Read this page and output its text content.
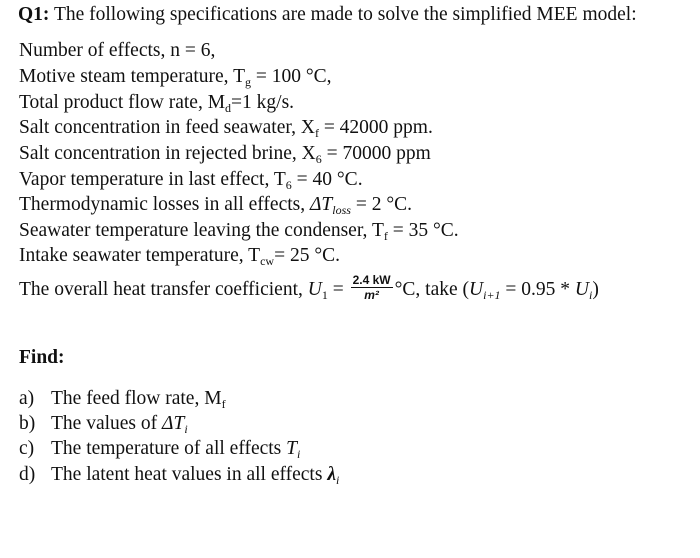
Q1: The following specifications are made to solve the simplified MEE model:
Number of effects, n = 6,
Motive steam temperature, $T_g = 100$ °C,
Total product flow rate, $M_d=1$ kg/s.
Salt concentration in feed seawater, $X_f = 42000$ ppm.
Salt concentration in rejected brine, $X_6 = 70000$ ppm
Vapor temperature in last effect, $T_6 = 40$ °C.
Thermodynamic losses in all effects, $\Delta T_{loss} = 2$ °C.
Seawater temperature leaving the condenser, $T_f = 35$ °C.
Intake seawater temperature, $T_{cw}= 25$ °C.
The overall heat transfer coefficient, $U_1 = \frac{2.4 kW}{\text{m²}} ^\circ C$, take $(U_{i+1} = 0.95 * U_i)$
Find:
a) The feed flow rate, $M_f$
b) The values of $\Delta T_i$
c) The temperature of all effects $T_i$
d) The latent heat values in all effects $\lambda_i$
